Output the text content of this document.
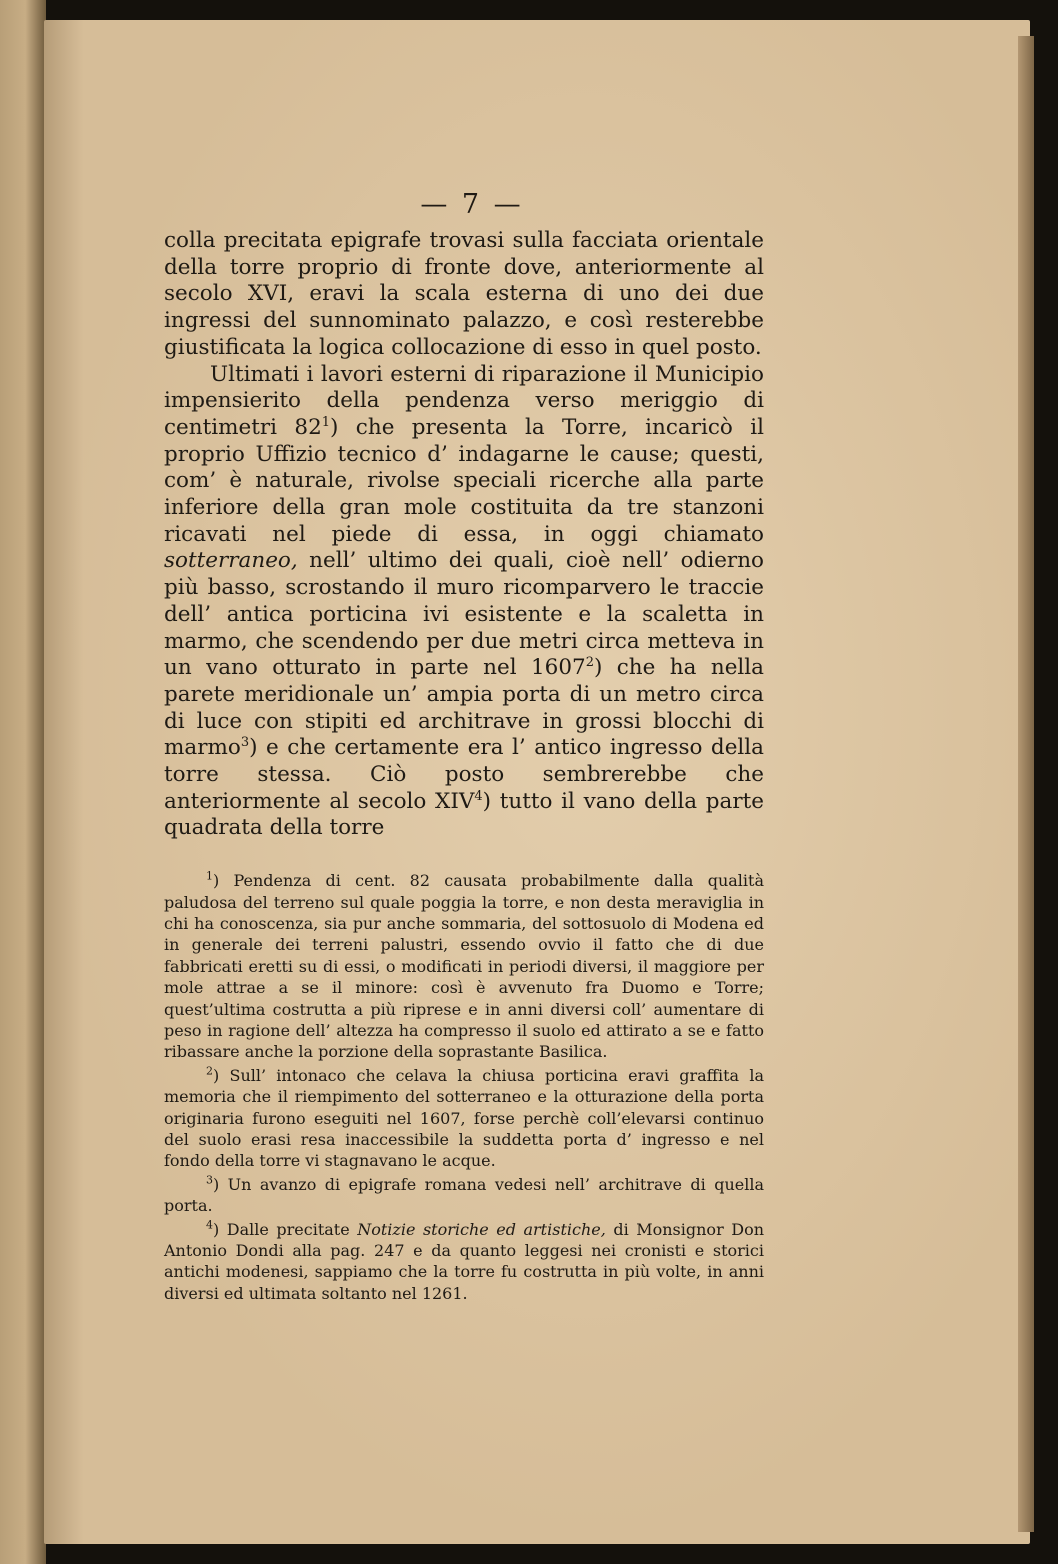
— 7 —

colla precitata epigrafe trovasi sulla facciata orientale della torre proprio di fronte dove, anteriormente al secolo XVI, eravi la scala esterna di uno dei due ingressi del sunnominato palazzo, e così resterebbe giustificata la logica collocazione di esso in quel posto.

Ultimati i lavori esterni di riparazione il Municipio impensierito della pendenza verso meriggio di centimetri 82$^1$) che presenta la Torre, incaricò il proprio Uffizio tecnico d’ indagarne le cause; questi, com’ è naturale, rivolse speciali ricerche alla parte inferiore della gran mole costituita da tre stanzoni ricavati nel piede di essa, in oggi chiamato sotterraneo, nell’ ultimo dei quali, cioè nell’ odierno più basso, scrostando il muro ricomparvero le traccie dell’ antica porticina ivi esistente e la scaletta in marmo, che scendendo per due metri circa metteva in un vano otturato in parte nel 1607$^2$) che ha nella parete meridionale un’ ampia porta di un metro circa di luce con stipiti ed architrave in grossi blocchi di marmo$^3$) e che certamente era l’ antico ingresso della torre stessa. Ciò posto sembrerebbe che anteriormente al secolo XIV$^4$) tutto il vano della parte quadrata della torre

$^1$) Pendenza di cent. 82 causata probabilmente dalla qualità paludosa del terreno sul quale poggia la torre, e non desta meraviglia in chi ha conoscenza, sia pur anche sommaria, del sottosuolo di Modena ed in generale dei terreni palustri, essendo ovvio il fatto che di due fabbricati eretti su di essi, o modificati in periodi diversi, il maggiore per mole attrae a se il minore: così è avvenuto fra Duomo e Torre; quest’ultima costrutta a più riprese e in anni diversi coll’ aumentare di peso in ragione dell’ altezza ha compresso il suolo ed attirato a se e fatto ribassare anche la porzione della soprastante Basilica.

$^2$) Sull’ intonaco che celava la chiusa porticina eravi graffita la memoria che il riempimento del sotterraneo e la otturazione della porta originaria furono eseguiti nel 1607, forse perchè coll’elevarsi continuo del suolo erasi resa inaccessibile la suddetta porta d’ ingresso e nel fondo della torre vi stagnavano le acque.

$^3$) Un avanzo di epigrafe romana vedesi nell’ architrave di quella porta.

$^4$) Dalle precitate Notizie storiche ed artistiche, di Monsignor Don Antonio Dondi alla pag. 247 e da quanto leggesi nei cronisti e storici antichi modenesi, sappiamo che la torre fu costrutta in più volte, in anni diversi ed ultimata soltanto nel 1261.
